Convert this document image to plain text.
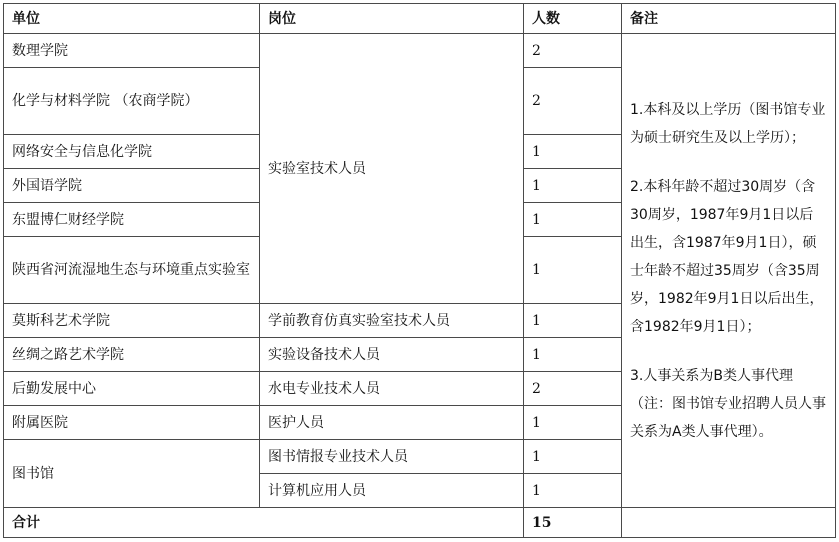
单位	岗位	人数	备注
数理学院	实验室技术人员	2	1.本科及以上学历（图书馆专业为硕士研究生及以上学历）；

2.本科年龄不超过30周岁（含30周岁，1987年9月1日以后出生，含1987年9月1日），硕士年龄不超过35周岁（含35周岁，1982年9月1日以后出生，含1982年9月1日）；

3.人事关系为B类人事代理（注：图书馆专业招聘人员人事关系为A类人事代理）。

化学与材料学院 （农商学院）		2	
网络安全与信息化学院		1	
外国语学院		1	
东盟博仁财经学院		1	
陕西省河流湿地生态与环境重点实验室		1	
莫斯科艺术学院	学前教育仿真实验室技术人员	1	
丝绸之路艺术学院	实验设备技术人员	1	
后勤发展中心	水电专业技术人员	2	
附属医院	医护人员	1	
图书馆	图书情报专业技术人员	1	
	计算机应用人员	1	
合计		15	
